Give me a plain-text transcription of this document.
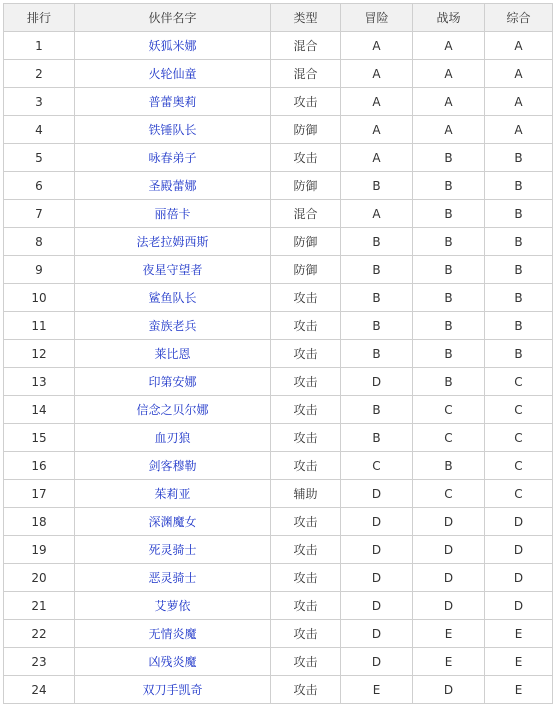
排行	伙伴名字	类型	冒险	战场	综合
1	妖狐米娜	混合	A	A	A
2	火轮仙童	混合	A	A	A
3	普蕾奥莉	攻击	A	A	A
4	铁锤队长	防御	A	A	A
5	咏春弟子	攻击	A	B	B
6	圣殿蕾娜	防御	B	B	B
7	丽蓓卡	混合	A	B	B
8	法老拉姆西斯	防御	B	B	B
9	夜星守望者	防御	B	B	B
10	鲨鱼队长	攻击	B	B	B
11	蛮族老兵	攻击	B	B	B
12	莱比恩	攻击	B	B	B
13	印第安娜	攻击	D	B	C
14	信念之贝尔娜	攻击	B	C	C
15	血刃狼	攻击	B	C	C
16	剑客穆勒	攻击	C	B	C
17	茱莉亚	辅助	D	C	C
18	深渊魔女	攻击	D	D	D
19	死灵骑士	攻击	D	D	D
20	恶灵骑士	攻击	D	D	D
21	艾萝依	攻击	D	D	D
22	无情炎魔	攻击	D	E	E
23	凶残炎魔	攻击	D	E	E
24	双刀手凯奇	攻击	E	D	E
